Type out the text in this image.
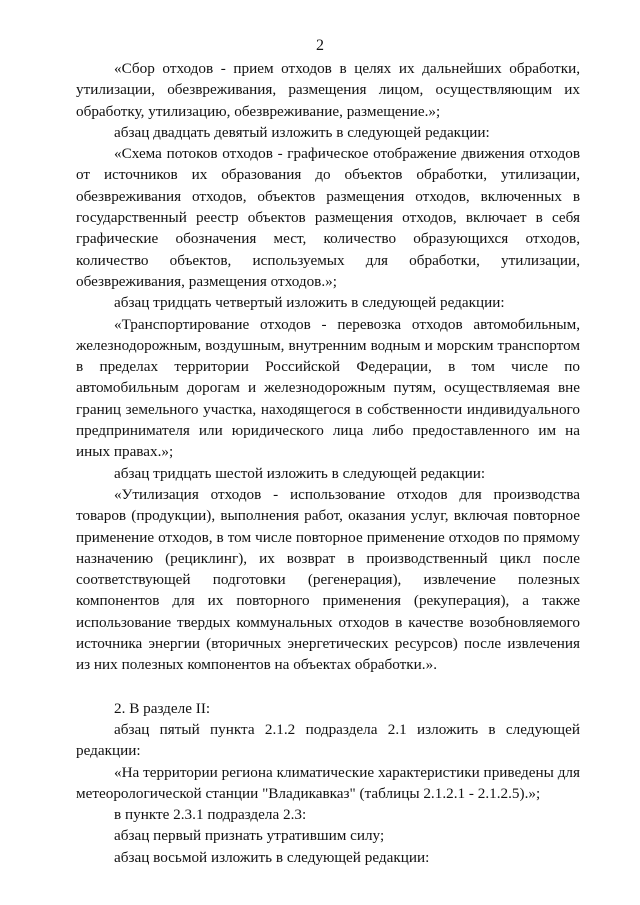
2

«Сбор отходов - прием отходов в целях их дальнейших обработки, утилизации, обезвреживания, размещения лицом, осуществляющим их обработку, утилизацию, обезвреживание, размещение.»;

абзац двадцать девятый изложить в следующей редакции:

«Схема потоков отходов - графическое отображение движения отходов от источников их образования до объектов обработки, утилизации, обезвреживания отходов, объектов размещения отходов, включенных в государственный реестр объектов размещения отходов, включает в себя графические обозначения мест, количество образующихся отходов, количество объектов, используемых для обработки, утилизации, обезвреживания, размещения отходов.»;

абзац тридцать четвертый изложить в следующей редакции:

«Транспортирование отходов - перевозка отходов автомобильным, железнодорожным, воздушным, внутренним водным и морским транспортом в пределах территории Российской Федерации, в том числе по автомобильным дорогам и железнодорожным путям, осуществляемая вне границ земельного участка, находящегося в собственности индивидуального предпринимателя или юридического лица либо предоставленного им на иных правах.»;

абзац тридцать шестой изложить в следующей редакции:

«Утилизация отходов - использование отходов для производства товаров (продукции), выполнения работ, оказания услуг, включая повторное применение отходов, в том числе повторное применение отходов по прямому назначению (рециклинг), их возврат в производственный цикл после соответствующей подготовки (регенерация), извлечение полезных компонентов для их повторного применения (рекуперация), а также использование твердых коммунальных отходов в качестве возобновляемого источника энергии (вторичных энергетических ресурсов) после извлечения из них полезных компонентов на объектах обработки.».

2. В разделе II:

абзац пятый пункта 2.1.2 подраздела 2.1 изложить в следующей редакции:

«На территории региона климатические характеристики приведены для метеорологической станции "Владикавказ" (таблицы 2.1.2.1 - 2.1.2.5).»;

в пункте 2.3.1 подраздела 2.3:

абзац первый признать утратившим силу;

абзац восьмой изложить в следующей редакции:
